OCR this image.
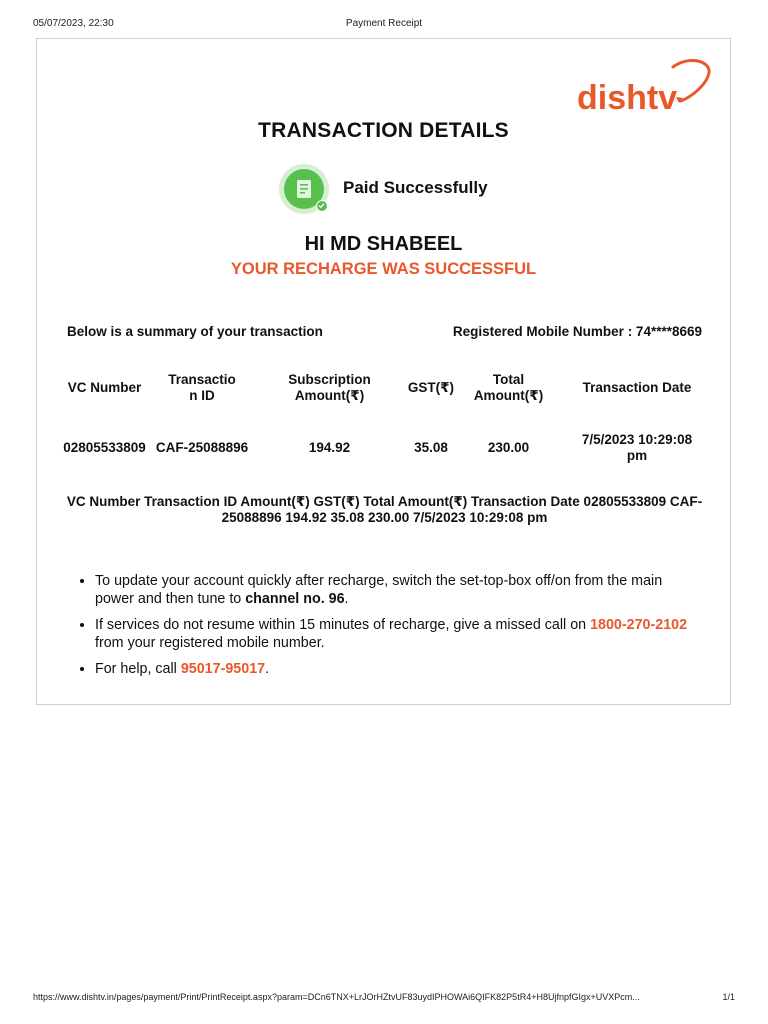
05/07/2023, 22:30	Payment Receipt
dishtv
TRANSACTION DETAILS
Paid Successfully
HI MD SHABEEL
YOUR RECHARGE WAS SUCCESSFUL
Below is a summary of your transaction	Registered Mobile Number : 74****8669
VC Number	Transaction ID	Subscription Amount(₹)	GST(₹)	Total Amount(₹)	Transaction Date
02805533809	CAF-25088896	194.92	35.08	230.00	7/5/2023 10:29:08 pm
VC Number Transaction ID Amount(₹) GST(₹) Total Amount(₹) Transaction Date 02805533809 CAF-25088896 194.92 35.08 230.00 7/5/2023 10:29:08 pm
• To update your account quickly after recharge, switch the set-top-box off/on from the main power and then tune to channel no. 96.
• If services do not resume within 15 minutes of recharge, give a missed call on 1800-270-2102 from your registered mobile number.
• For help, call 95017-95017.
https://www.dishtv.in/pages/payment/Print/PrintReceipt.aspx?param=DCn6TNX+LrJOrHZtvUF83uydIPHOWAi6QIFK82P5tR4+H8UjfnpfGIgx+UVXPcm...	1/1
